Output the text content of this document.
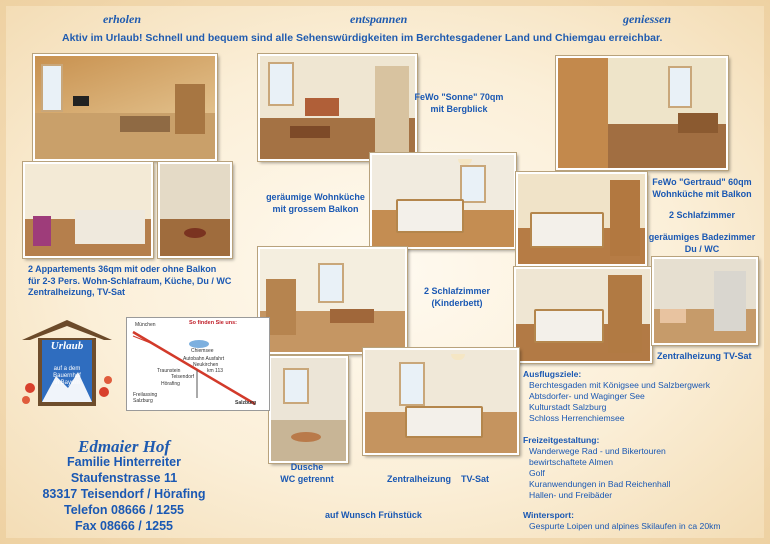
erholen	entspannen	geniessen
Aktiv im Urlaub! Schnell und bequem sind alle Sehenswürdigkeiten im Berchtesgadener Land und Chiemgau erreichbar.
FeWo "Sonne" 70qm
mit Bergblick
geräumige Wohnküche
mit grossem Balkon
FeWo "Gertraud" 60qm
Wohnküche mit Balkon
2 Schlafzimmer
geräumiges Badezimmer
Du / WC
2 Appartements 36qm mit oder ohne Balkon
für 2-3 Pers. Wohn-Schlafraum, Küche, Du / WC
Zentralheizung, TV-Sat	2 Schlafzimmer
(Kinderbett)
Zentralheizung TV-Sat
Dusche
WC getrennt	Zentralheizung    TV-Sat
auf Wunsch Frühstück
Urlaub
auf a dem
Bauernhof
in Bayern
So finden Sie uns:
München
Chiemsee
Autobahn Ausfahrt
Neukirchen
km 113
Traunstein
Teisendorf
Hörafing
Freilassing
Salzburg	Salzburg
Edmaier Hof
Familie Hinterreiter
Staufenstrasse 11
83317 Teisendorf / Hörafing
Telefon 08666 / 1255
Fax 08666 / 1255
Ausflugsziele:
Berchtesgaden mit Königsee und Salzbergwerk
Abtsdorfer- und Waginger See
Kulturstadt Salzburg
Schloss Herrenchiemsee
Freizeitgestaltung:
Wanderwege Rad - und Bikertouren
bewirtschaftete Almen
Golf
Kuranwendungen in Bad Reichenhall
Hallen- und Freibäder
Wintersport:
Gespurte Loipen und alpines Skilaufen in ca 20km
